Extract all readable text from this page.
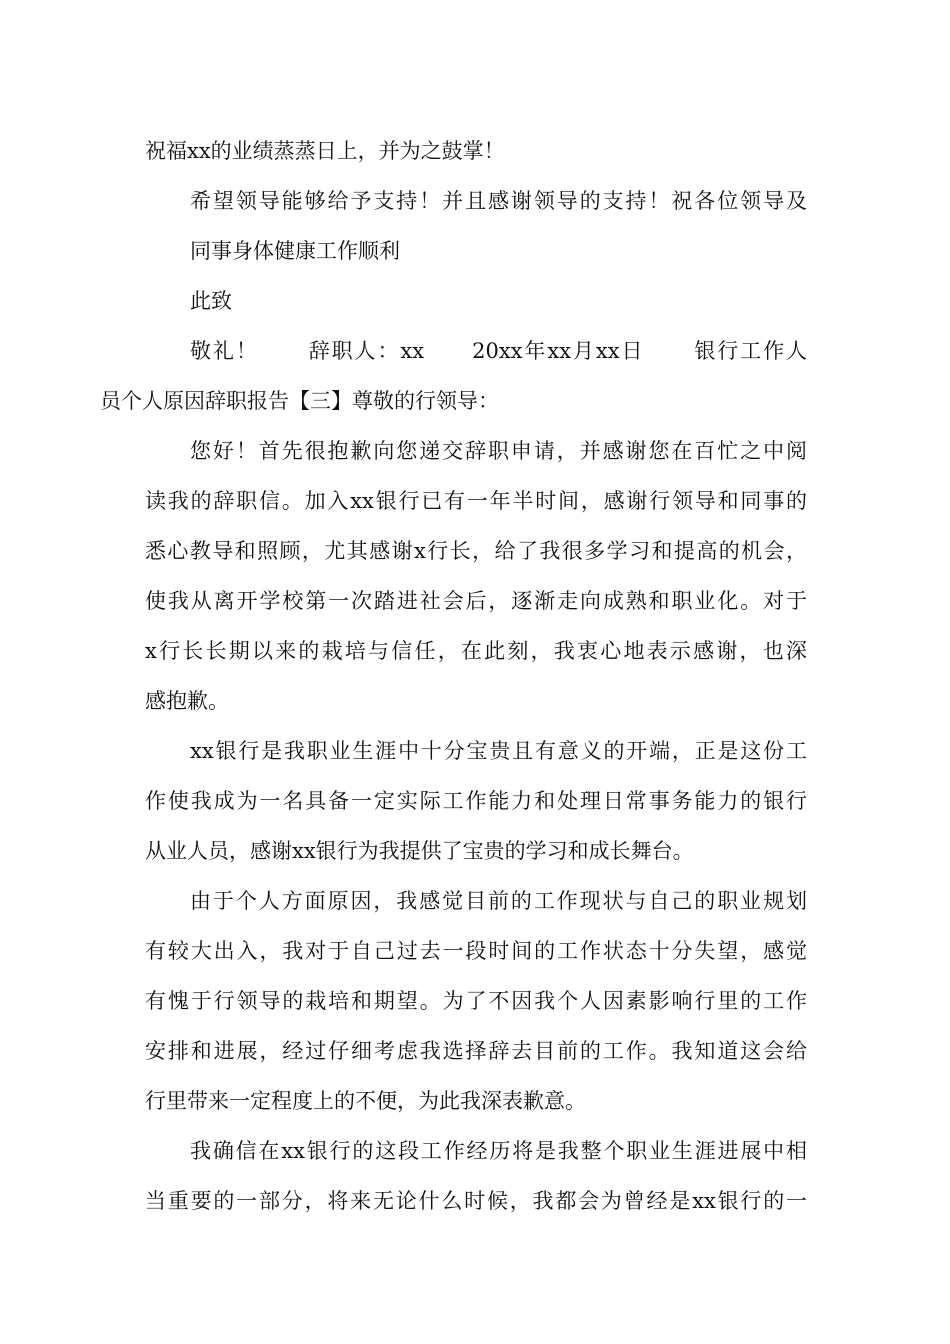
祝福xx的业绩蒸蒸日上，并为之鼓掌！

希望领导能够给予支持！并且感谢领导的支持！祝各位领导及
同事身体健康工作顺利

此致

敬礼！ 辞职人：xx 20xx年xx月xx日 银行工作人
员个人原因辞职报告【三】尊敬的行领导：

您好！首先很抱歉向您递交辞职申请，并感谢您在百忙之中阅
读我的辞职信。加入xx银行已有一年半时间，感谢行领导和同事的
悉心教导和照顾，尤其感谢x行长，给了我很多学习和提高的机会，
使我从离开学校第一次踏进社会后，逐渐走向成熟和职业化。对于
x行长长期以来的栽培与信任，在此刻，我衷心地表示感谢，也深
感抱歉。

xx银行是我职业生涯中十分宝贵且有意义的开端，正是这份工
作使我成为一名具备一定实际工作能力和处理日常事务能力的银行
从业人员，感谢xx银行为我提供了宝贵的学习和成长舞台。

由于个人方面原因，我感觉目前的工作现状与自己的职业规划
有较大出入，我对于自己过去一段时间的工作状态十分失望，感觉
有愧于行领导的栽培和期望。为了不因我个人因素影响行里的工作
安排和进展，经过仔细考虑我选择辞去目前的工作。我知道这会给
行里带来一定程度上的不便，为此我深表歉意。

我确信在xx银行的这段工作经历将是我整个职业生涯进展中相
当重要的一部分，将来无论什么时候，我都会为曾经是xx银行的一
